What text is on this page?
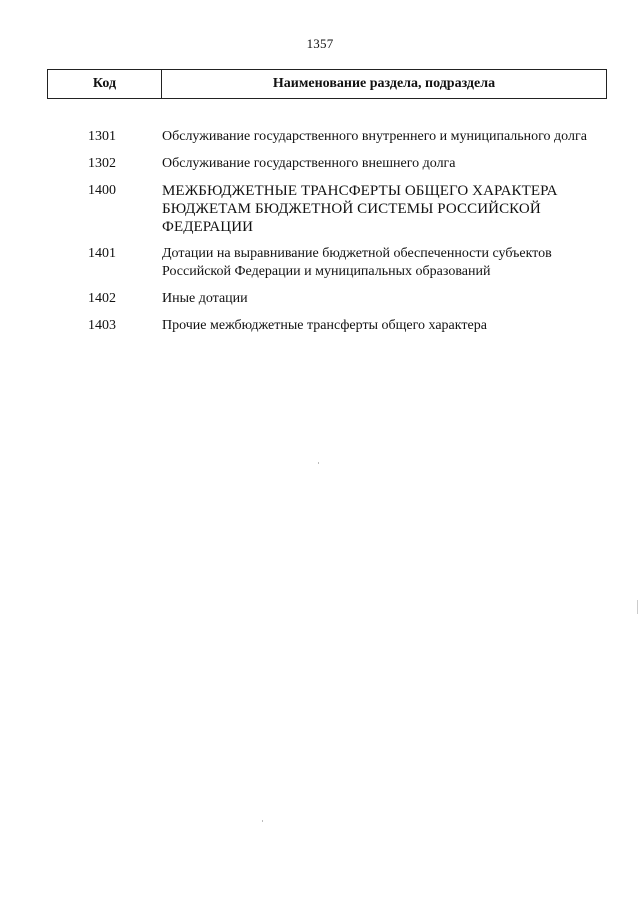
1357
Код	Наименование раздела, подраздела
1301	Обслуживание государственного внутреннего и муниципального долга
1302	Обслуживание государственного внешнего долга
1400	МЕЖБЮДЖЕТНЫЕ ТРАНСФЕРТЫ ОБЩЕГО ХАРАКТЕРА БЮДЖЕТАМ БЮДЖЕТНОЙ СИСТЕМЫ РОССИЙСКОЙ ФЕДЕРАЦИИ
1401	Дотации на выравнивание бюджетной обеспеченности субъектов Российской Федерации и муниципальных образований
1402	Иные дотации
1403	Прочие межбюджетные трансферты общего характера
